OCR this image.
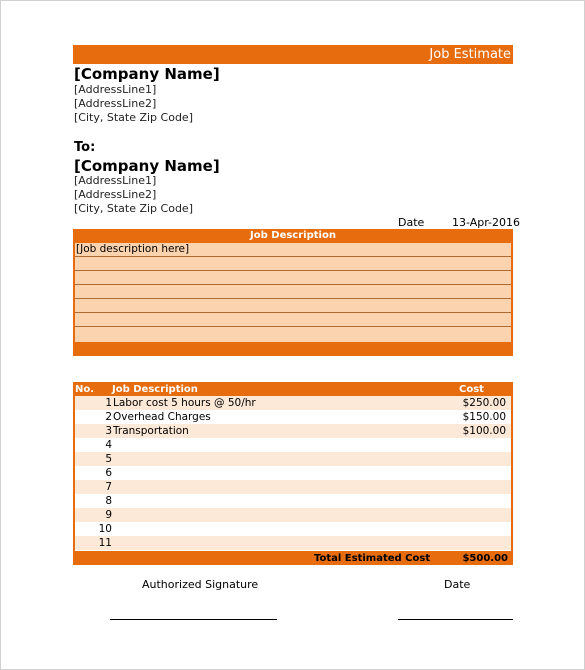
Job Estimate
[Company Name]
[AddressLine1]
[AddressLine2]
[City, State Zip Code]
To:
[Company Name]
[AddressLine1]
[AddressLine2]
[City, State Zip Code]
Date	13-Apr-2016
Job Description
[Job description here]
No. Job Description	Cost
1 Labor cost 5 hours @ 50/hr	$250.00
2 Overhead Charges	$150.00
3 Transportation	$100.00
4
5
6
7
8
9
10
11
Total Estimated Cost	$500.00
Authorized Signature	Date
